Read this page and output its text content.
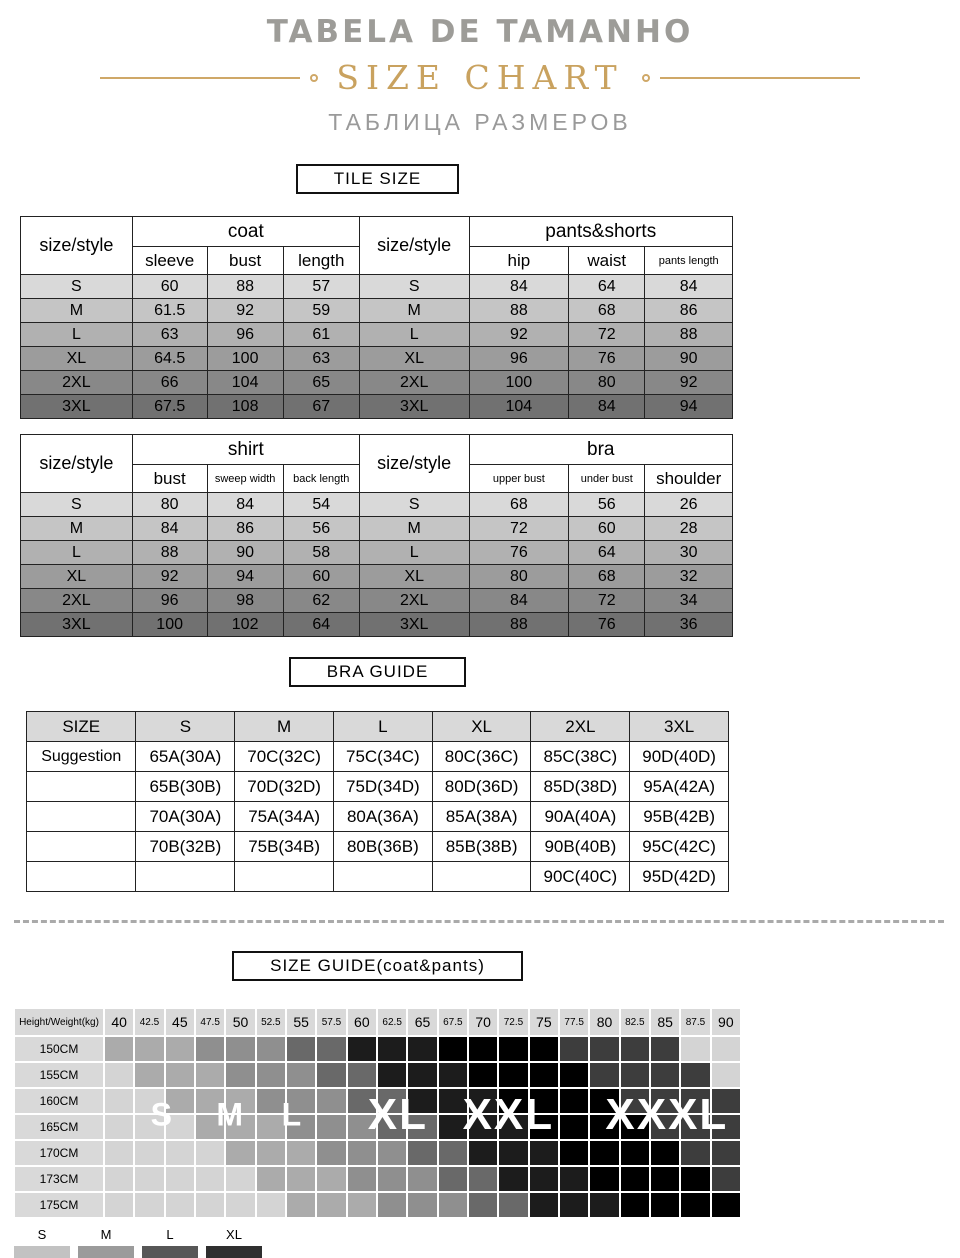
TABELA DE TAMANHO
SIZE CHART
ТАБЛИЦА РАЗМЕРОВ
TILE SIZE
size/style	coat			size/style	pants&shorts		
	sleeve	bust	length		hip	waist	pants length
S	60	88	57	S	84	64	84
M	61.5	92	59	M	88	68	86
L	63	96	61	L	92	72	88
XL	64.5	100	63	XL	96	76	90
2XL	66	104	65	2XL	100	80	92
3XL	67.5	108	67	3XL	104	84	94
size/style	shirt			size/style	bra		
	bust	sweep width	back length		upper bust	under bust	shoulder
S	80	84	54	S	68	56	26
M	84	86	56	M	72	60	28
L	88	90	58	L	76	64	30
XL	92	94	60	XL	80	68	32
2XL	96	98	62	2XL	84	72	34
3XL	100	102	64	3XL	88	76	36
BRA GUIDE
SIZE	S	M	L	XL	2XL	3XL
Suggestion	65A(30A)	70C(32C)	75C(34C)	80C(36C)	85C(38C)	90D(40D)
	65B(30B)	70D(32D)	75D(34D)	80D(36D)	85D(38D)	95A(42A)
	70A(30A)	75A(34A)	80A(36A)	85A(38A)	90A(40A)	95B(42B)
	70B(32B)	75B(34B)	80B(36B)	85B(38B)	90B(40B)	95C(42C)
					90C(40C)	95D(42D)
SIZE GUIDE(coat&pants)
Height/Weight(kg) 40	42.5 45	47.5 50	52.5 55	57.5 60	62.5 65	67.5 70	72.5 75	77.5 80	82.5 85	87.5 90
150CM
155CM
160CM
165CM
170CM
173CM
175CM
S M L XL XXL XXXL
S	M	L	XL
